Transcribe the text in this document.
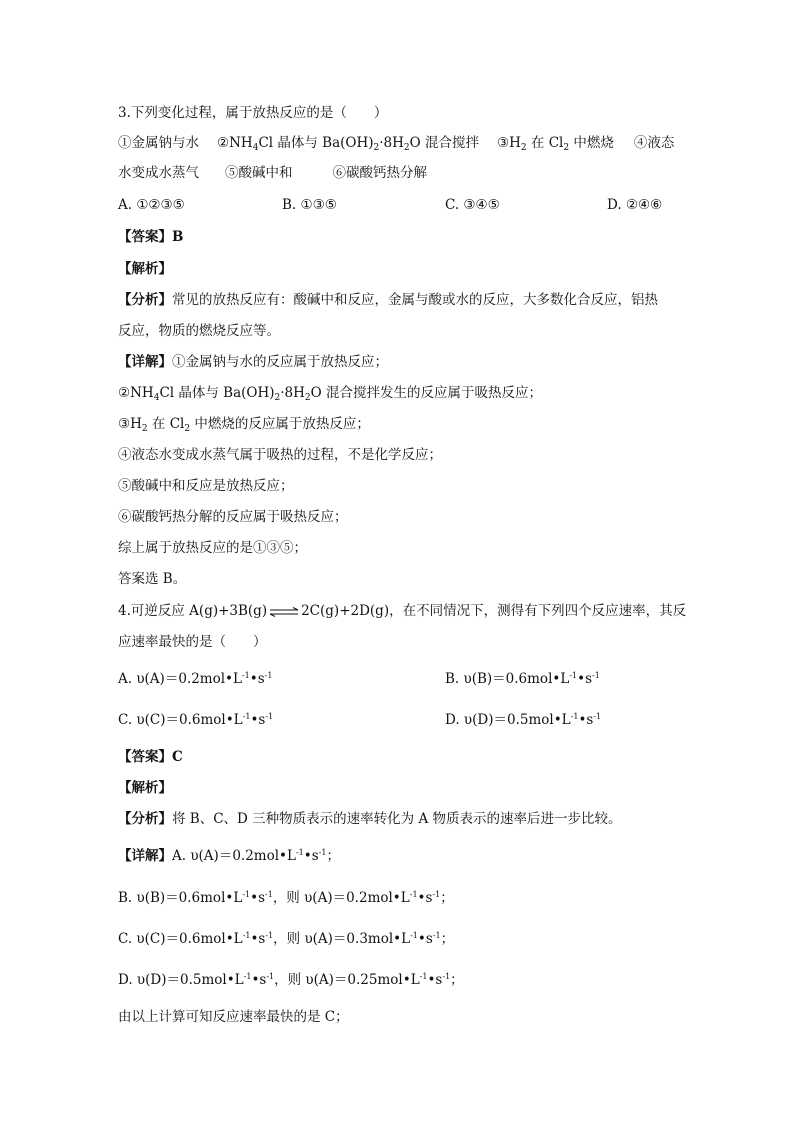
3.下列变化过程，属于放热反应的是（　　）
①金属钠与水 $②NH_4Cl$ 晶体与 $Ba(OH)_2\cdot 8H_2O$ 混合搅拌 $③H_2$ 在 $Cl_2$ 中燃烧 ④液态
水变成水蒸气 ⑤酸碱中和	⑥碳酸钙热分解
A. ①②③⑤	B. ①③⑤	C. ③④⑤	D. ②④⑥
【答案】B
【解析】
【分析】常见的放热反应有：酸碱中和反应，金属与酸或水的反应，大多数化合反应，铝热
反应，物质的燃烧反应等。
【详解】①金属钠与水的反应属于放热反应；
$②NH_4Cl$ 晶体与 $Ba(OH)_2\cdot 8H_2O$ 混合搅拌发生的反应属于吸热反应；
$③H_2$ 在 $Cl_2$ 中燃烧的反应属于放热反应；
④液态水变成水蒸气属于吸热的过程，不是化学反应；
⑤酸碱中和反应是放热反应；
⑥碳酸钙热分解的反应属于吸热反应；
综上属于放热反应的是①③⑤；
答案选 B。
4.可逆反应 A(g)+3B(g) ⇌ 2C(g)+2D(g)，在不同情况下，测得有下列四个反应速率，其反
应速率最快的是（　　）
A. $\upsilon(A)=0.2mol•L^{-1}•s^{-1}$	B. $\upsilon(B)=0.6mol•L^{-1}•s^{-1}$
C. $\upsilon(C)=0.6mol•L^{-1}•s^{-1}$	D. $\upsilon(D)=0.5mol•L^{-1}•s^{-1}$
【答案】C
【解析】
【分析】将 B、C、D 三种物质表示的速率转化为 A 物质表示的速率后进一步比较。
【详解】A. $\upsilon(A)=0.2mol•L^{-1}•s^{-1}$；
B. $\upsilon(B)=0.6mol•L^{-1}•s^{-1}$，则 $\upsilon(A)=0.2mol•L^{-1}•s^{-1}$；
C. $\upsilon(C)=0.6mol•L^{-1}•s^{-1}$，则 $\upsilon(A)=0.3mol•L^{-1}•s^{-1}$；
D. $\upsilon(D)=0.5mol•L^{-1}•s^{-1}$，则 $\upsilon(A)=0.25mol•L^{-1}•s^{-1}$；
由以上计算可知反应速率最快的是 C；
